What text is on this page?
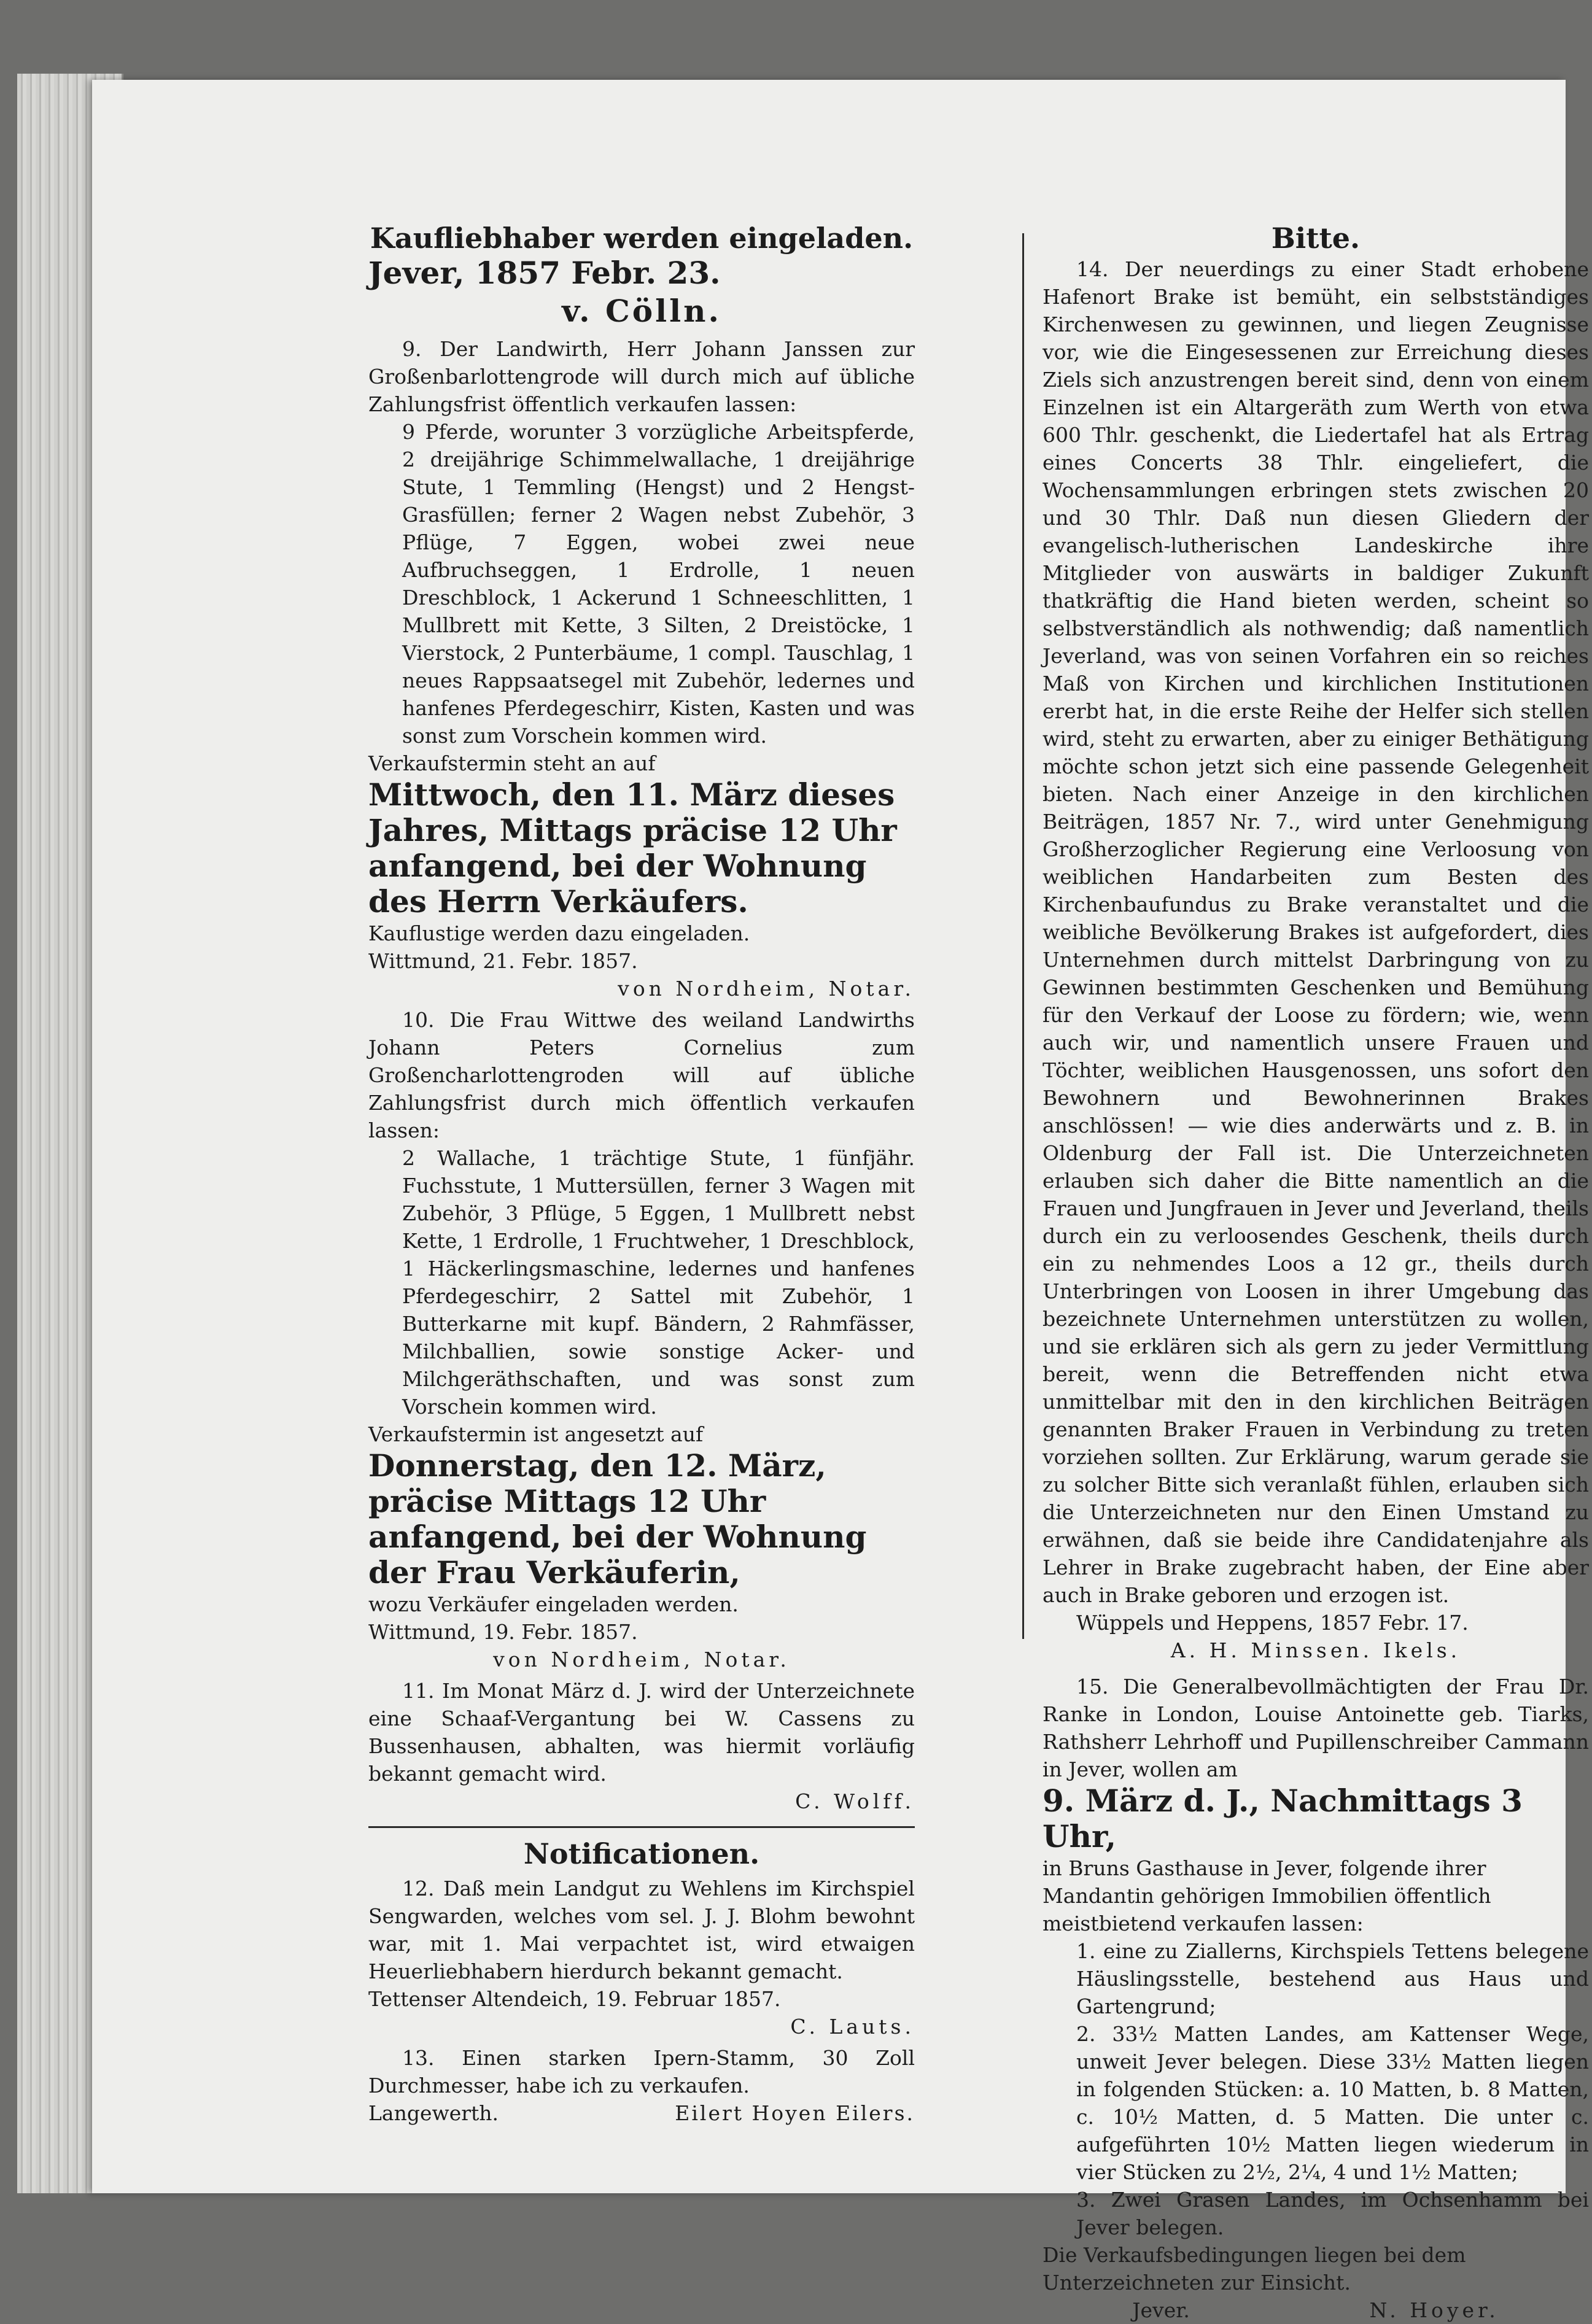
Kaufliebhaber werden eingeladen.

Jever, 1857 Febr. 23.

v. Cölln.

9. Der Landwirth, Herr Johann Janssen zur Großenbarlottengrode will durch mich auf übliche Zahlungsfrist öffentlich verkaufen lassen:

9 Pferde, worunter 3 vorzügliche Arbeitspferde, 2 dreijährige Schimmelwallache, 1 dreijährige Stute, 1 Temmling (Hengst) und 2 Hengst-Grasfüllen; ferner 2 Wagen nebst Zubehör, 3 Pflüge, 7 Eggen, wobei zwei neue Aufbruchseggen, 1 Erdrolle, 1 neuen Dreschblock, 1 Ackerund 1 Schneeschlitten, 1 Mullbrett mit Kette, 3 Silten, 2 Dreistöcke, 1 Vierstock, 2 Punterbäume, 1 compl. Tauschlag, 1 neues Rappsaatsegel mit Zubehör, ledernes und hanfenes Pferdegeschirr, Kisten, Kasten und was sonst zum Vorschein kommen wird.

Verkaufstermin steht an auf

Mittwoch, den 11. März dieses Jahres, Mittags präcise 12 Uhr anfangend, bei der Wohnung des Herrn Verkäufers.

Kauflustige werden dazu eingeladen.

Wittmund, 21. Febr. 1857.

von Nordheim, Notar.

10. Die Frau Wittwe des weiland Landwirths Johann Peters Cornelius zum Großencharlottengroden will auf übliche Zahlungsfrist durch mich öffentlich verkaufen lassen:

2 Wallache, 1 trächtige Stute, 1 fünfjähr. Fuchsstute, 1 Muttersüllen, ferner 3 Wagen mit Zubehör, 3 Pflüge, 5 Eggen, 1 Mullbrett nebst Kette, 1 Erdrolle, 1 Fruchtweher, 1 Dreschblock, 1 Häckerlingsmaschine, ledernes und hanfenes Pferdegeschirr, 2 Sattel mit Zubehör, 1 Butterkarne mit kupf. Bändern, 2 Rahmfässer, Milchballien, sowie sonstige Acker- und Milchgeräthschaften, und was sonst zum Vorschein kommen wird.

Verkaufstermin ist angesetzt auf

Donnerstag, den 12. März, präcise Mittags 12 Uhr anfangend, bei der Wohnung der Frau Verkäuferin,

wozu Verkäufer eingeladen werden.

Wittmund, 19. Febr. 1857.

von Nordheim, Notar.

11. Im Monat März d. J. wird der Unterzeichnete eine Schaaf-Vergantung bei W. Cassens zu Bussenhausen, abhalten, was hiermit vorläufig bekannt gemacht wird.

C. Wolff.

Notificationen.

12. Daß mein Landgut zu Wehlens im Kirchspiel Sengwarden, welches vom sel. J. J. Blohm bewohnt war, mit 1. Mai verpachtet ist, wird etwaigen Heuerliebhabern hierdurch bekannt gemacht.

Tettenser Altendeich, 19. Februar 1857.

C. Lauts.

13. Einen starken Ipern-Stamm, 30 Zoll Durchmesser, habe ich zu verkaufen.

Langewerth.	Eilert Hoyen Eilers.

Bitte.

14. Der neuerdings zu einer Stadt erhobene Hafenort Brake ist bemüht, ein selbstständiges Kirchenwesen zu gewinnen, und liegen Zeugnisse vor, wie die Eingesessenen zur Erreichung dieses Ziels sich anzustrengen bereit sind, denn von einem Einzelnen ist ein Altargeräth zum Werth von etwa 600 Thlr. geschenkt, die Liedertafel hat als Ertrag eines Concerts 38 Thlr. eingeliefert, die Wochensammlungen erbringen stets zwischen 20 und 30 Thlr. Daß nun diesen Gliedern der evangelisch-lutherischen Landeskirche ihre Mitglieder von auswärts in baldiger Zukunft thatkräftig die Hand bieten werden, scheint so selbstverständlich als nothwendig; daß namentlich Jeverland, was von seinen Vorfahren ein so reiches Maß von Kirchen und kirchlichen Institutionen ererbt hat, in die erste Reihe der Helfer sich stellen wird, steht zu erwarten, aber zu einiger Bethätigung möchte schon jetzt sich eine passende Gelegenheit bieten. Nach einer Anzeige in den kirchlichen Beiträgen, 1857 Nr. 7., wird unter Genehmigung Großherzoglicher Regierung eine Verloosung von weiblichen Handarbeiten zum Besten des Kirchenbaufundus zu Brake veranstaltet und die weibliche Bevölkerung Brakes ist aufgefordert, dies Unternehmen durch mittelst Darbringung von zu Gewinnen bestimmten Geschenken und Bemühung für den Verkauf der Loose zu fördern; wie, wenn auch wir, und namentlich unsere Frauen und Töchter, weiblichen Hausgenossen, uns sofort den Bewohnern und Bewohnerinnen Brakes anschlössen! — wie dies anderwärts und z. B. in Oldenburg der Fall ist. Die Unterzeichneten erlauben sich daher die Bitte namentlich an die Frauen und Jungfrauen in Jever und Jeverland, theils durch ein zu verloosendes Geschenk, theils durch ein zu nehmendes Loos a 12 gr., theils durch Unterbringen von Loosen in ihrer Umgebung das bezeichnete Unternehmen unterstützen zu wollen, und sie erklären sich als gern zu jeder Vermittlung bereit, wenn die Betreffenden nicht etwa unmittelbar mit den in den kirchlichen Beiträgen genannten Braker Frauen in Verbindung zu treten vorziehen sollten. Zur Erklärung, warum gerade sie zu solcher Bitte sich veranlaßt fühlen, erlauben sich die Unterzeichneten nur den Einen Umstand zu erwähnen, daß sie beide ihre Candidatenjahre als Lehrer in Brake zugebracht haben, der Eine aber auch in Brake geboren und erzogen ist.

Wüppels und Heppens, 1857 Febr. 17.

A. H. Minssen. Ikels.

15. Die Generalbevollmächtigten der Frau Dr. Ranke in London, Louise Antoinette geb. Tiarks, Rathsherr Lehrhoff und Pupillenschreiber Cammann in Jever, wollen am

9. März d. J., Nachmittags 3 Uhr,

in Bruns Gasthause in Jever, folgende ihrer Mandantin gehörigen Immobilien öffentlich meistbietend verkaufen lassen:

1. eine zu Ziallerns, Kirchspiels Tettens belegene Häuslingsstelle, bestehend aus Haus und Gartengrund;

2. 33½ Matten Landes, am Kattenser Wege, unweit Jever belegen. Diese 33½ Matten liegen in folgenden Stücken: a. 10 Matten, b. 8 Matten, c. 10½ Matten, d. 5 Matten. Die unter c. aufgeführten 10½ Matten liegen wiederum in vier Stücken zu 2½, 2¼, 4 und 1½ Matten;

3. Zwei Grasen Landes, im Ochsenhamm bei Jever belegen.

Die Verkaufsbedingungen liegen bei dem Unterzeichneten zur Einsicht.

Jever.	N. Hoyer.
